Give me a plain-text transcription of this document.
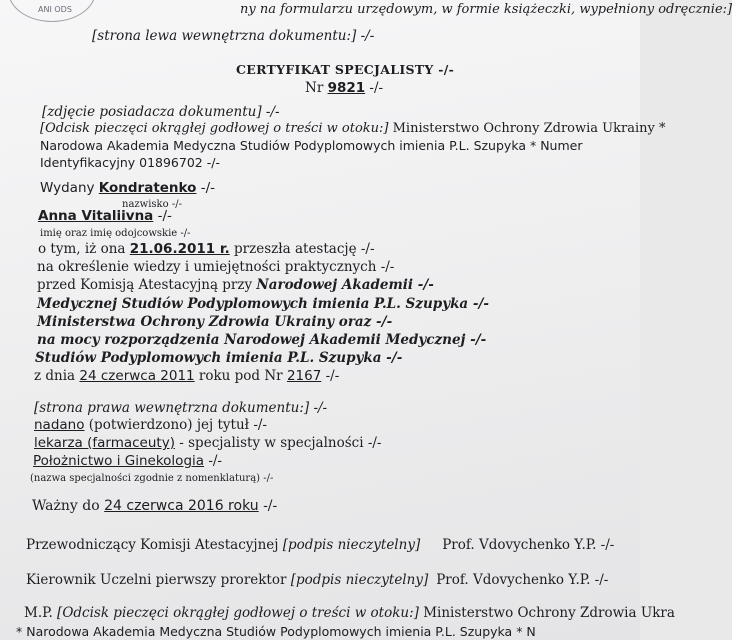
ANI ODS	ny na formularzu urzędowym, w formie książeczki, wypełniony odręcznie:]
[strona lewa wewnętrzna dokumentu:] -/-
CERTYFIKAT SPECJALISTY -/-
Nr 9821 -/-
[zdjęcie posiadacza dokumentu] -/-
[Odcisk pieczęci okrągłej godłowej o treści w otoku:] Ministerstwo Ochrony Zdrowia Ukrainy *
Narodowa Akademia Medyczna Studiów Podyplomowych imienia P.L. Szupyka * Numer
Identyfikacyjny 01896702 -/-
Wydany Kondratenko -/-
nazwisko -/-
Anna Vitaliivna -/-
imię oraz imię odojcowskie -/-
o tym, iż ona 21.06.2011 r. przeszła atestację -/-
na określenie wiedzy i umiejętności praktycznych -/-
przed Komisją Atestacyjną przy Narodowej Akademii -/-
Medycznej Studiów Podyplomowych imienia P.L. Szupyka -/-
Ministerstwa Ochrony Zdrowia Ukrainy oraz -/-
na mocy rozporządzenia Narodowej Akademii Medycznej -/-
Studiów Podyplomowych imienia P.L. Szupyka -/-
z dnia 24 czerwca 2011 roku pod Nr 2167 -/-
[strona prawa wewnętrzna dokumentu:] -/-
nadano (potwierdzono) jej tytuł -/-
lekarza (farmaceuty) - specjalisty w specjalności -/-
Położnictwo i Ginekologia -/-
(nazwa specjalności zgodnie z nomenklaturą) -/-
Ważny do 24 czerwca 2016 roku -/-
Przewodniczący Komisji Atestacyjnej [podpis nieczytelny] Prof. Vdovychenko Y.P. -/-
Kierownik Uczelni pierwszy prorektor [podpis nieczytelny] Prof. Vdovychenko Y.P. -/-
M.P. [Odcisk pieczęci okrągłej godłowej o treści w otoku:] Ministerstwo Ochrony Zdrowia Ukra
* Narodowa Akademia Medyczna Studiów Podyplomowych imienia P.L. Szupyka * N
